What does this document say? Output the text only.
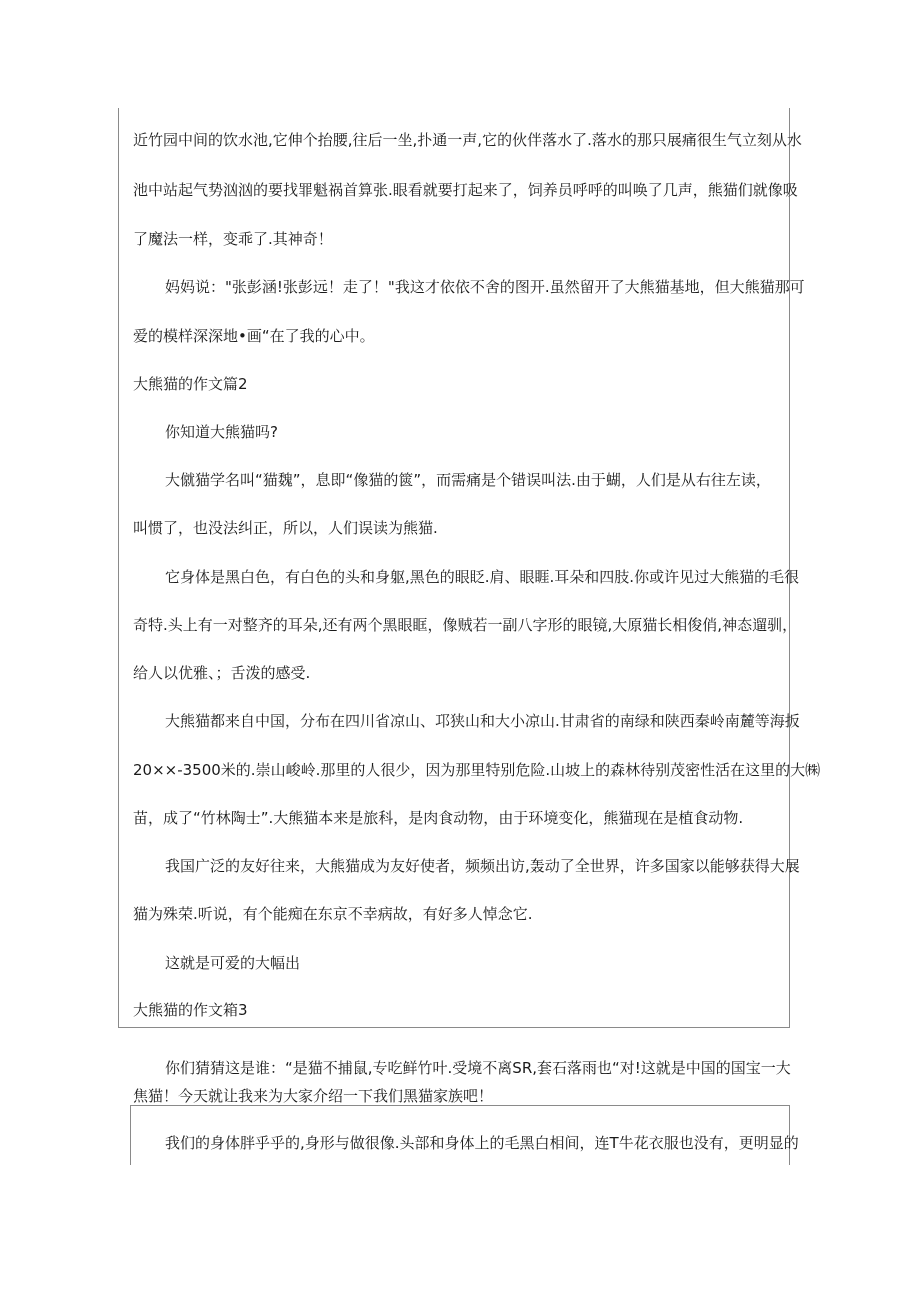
近竹园中间的饮水池,它伸个抬腰,往后一坐,扑通一声,它的伙伴落水了.落水的那只展痛很生气立刻从水

池中站起气势汹汹的要找罪魁祸首算张.眼看就要打起来了，饲养员呼呼的叫唤了几声，熊猫们就像吸

了魔法一样，变乖了.其神奇！

妈妈说："张彭涵!张彭远！走了！"我这才依依不舍的图开.虽然留开了大熊猫基地，但大熊猫那可

爱的模样深深地•画“在了我的心中。

大熊猫的作文篇2

你知道大熊猫吗?

大僦猫学名叫“猫魏”，息即“像猫的篋”，而需痛是个错误叫法.由于蝴，人们是从右往左读，

叫惯了，也没法纠正，所以，人们误读为熊猫.

它身体是黑白色，有白色的头和身躯,黑色的眼眨.肩、眼睚.耳朵和四肢.你或许见过大熊猫的毛很

奇特.头上有一对整齐的耳朵,还有两个黑眼眶，像贼若一副八字形的眼镜,大原猫长相俊俏,神态遛驯，

给人以优雅、；舌泼的感受.

大熊猫都来自中国，分布在四川省凉山、邛狭山和大小凉山.甘肃省的南绿和陕西秦岭南麓等海扳

20××-3500米的.崇山峻岭.那里的人很少，因为那里特别危险.山坡上的森林待别茂密性活在这里的大㈱

苗，成了“竹林陶士”.大熊猫本来是旅科，是肉食动物，由于环境变化，熊猫现在是植食动物.

我国广泛的友好往来，大熊猫成为友好使者，频频出访,轰动了全世界，许多国家以能够获得大展

猫为殊荣.听说，有个能痴在东京不幸病故，有好多人悼念它.

这就是可爱的大幅出

大熊猫的作文箱3

你们猜猜这是谁：“是猫不捕鼠,专吃鲜竹叶.受境不离SR,套石落雨也“对!这就是中国的国宝一大

焦猫！今天就让我来为大家介绍一下我们黑猫家族吧！

我们的身体胖乎乎的,身形与做很像.头部和身体上的毛黑白相间，连T牛花衣服也没有，更明显的
